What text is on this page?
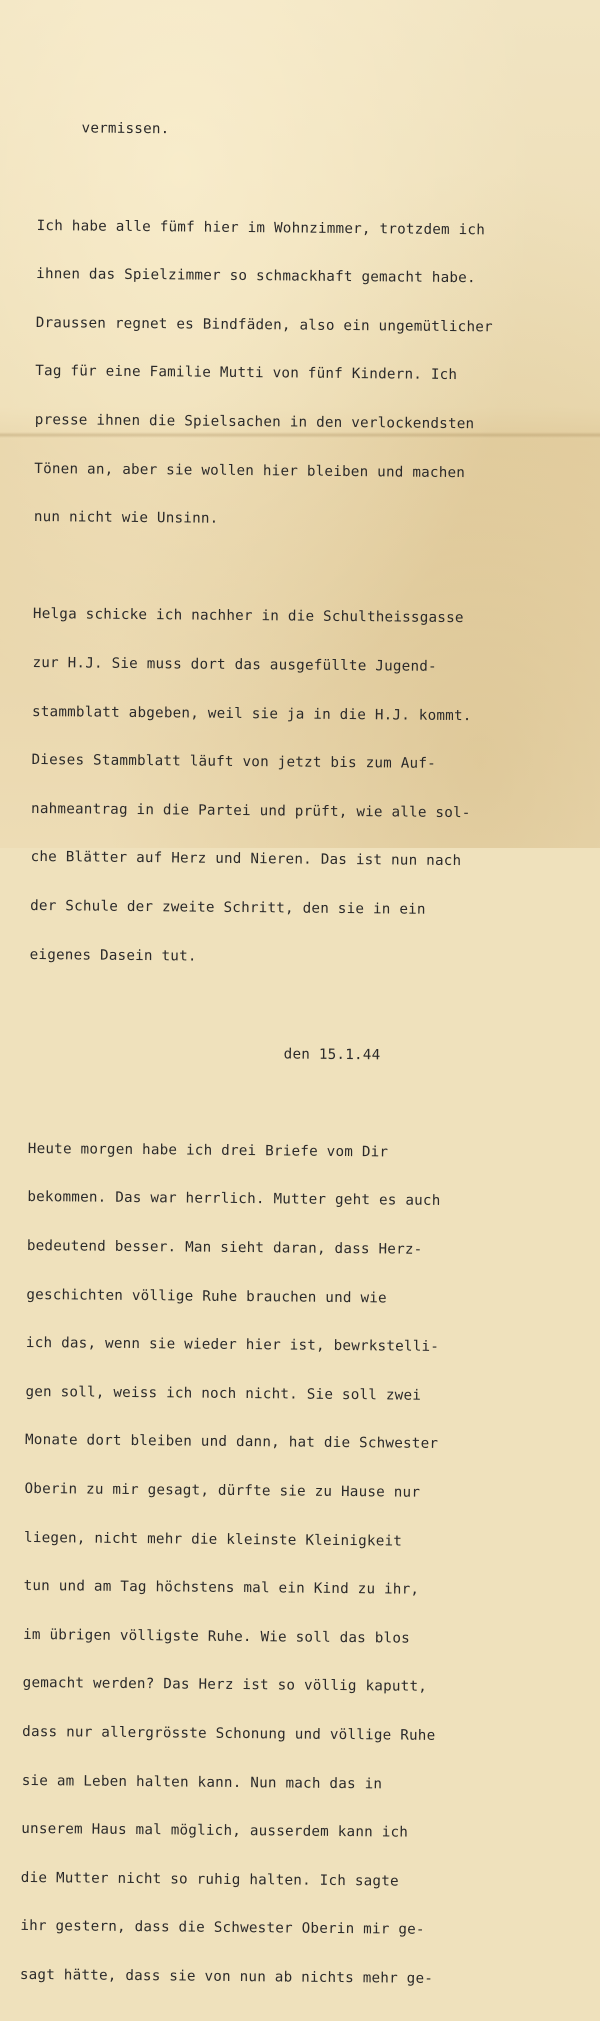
vermissen.

Ich habe alle fümf hier im Wohnzimmer, trotzdem ich

ihnen das Spielzimmer so schmackhaft gemacht habe.

Draussen regnet es Bindfäden, also ein ungemütlicher

Tag für eine Familie Mutti von fünf Kindern. Ich

presse ihnen die Spielsachen in den verlockendsten

Tönen an, aber sie wollen hier bleiben und machen

nun nicht wie Unsinn.

Helga schicke ich nachher in die Schultheissgasse

zur H.J. Sie muss dort das ausgefüllte Jugend-

stammblatt abgeben, weil sie ja in die H.J. kommt.

Dieses Stammblatt läuft von jetzt bis zum Auf-

nahmeantrag in die Partei und prüft, wie alle sol-

che Blätter auf Herz und Nieren. Das ist nun nach

der Schule der zweite Schritt, den sie in ein

eigenes Dasein tut.

den 15.1.44

Heute morgen habe ich drei Briefe vom Dir

bekommen. Das war herrlich. Mutter geht es auch

bedeutend besser. Man sieht daran, dass Herz-

geschichten völlige Ruhe brauchen und wie

ich das, wenn sie wieder hier ist, bewrkstelli-

gen soll, weiss ich noch nicht. Sie soll zwei

Monate dort bleiben und dann, hat die Schwester

Oberin zu mir gesagt, dürfte sie zu Hause nur

liegen, nicht mehr die kleinste Kleinigkeit

tun und am Tag höchstens mal ein Kind zu ihr,

im übrigen völligste Ruhe. Wie soll das blos

gemacht werden? Das Herz ist so völlig kaputt,

dass nur allergrösste Schonung und völlige Ruhe

sie am Leben halten kann. Nun mach das in

unserem Haus mal möglich, ausserdem kann ich

die Mutter nicht so ruhig halten. Ich sagte

ihr gestern, dass die Schwester Oberin mir ge-

sagt hätte, dass sie von nun ab nichts mehr ge-
